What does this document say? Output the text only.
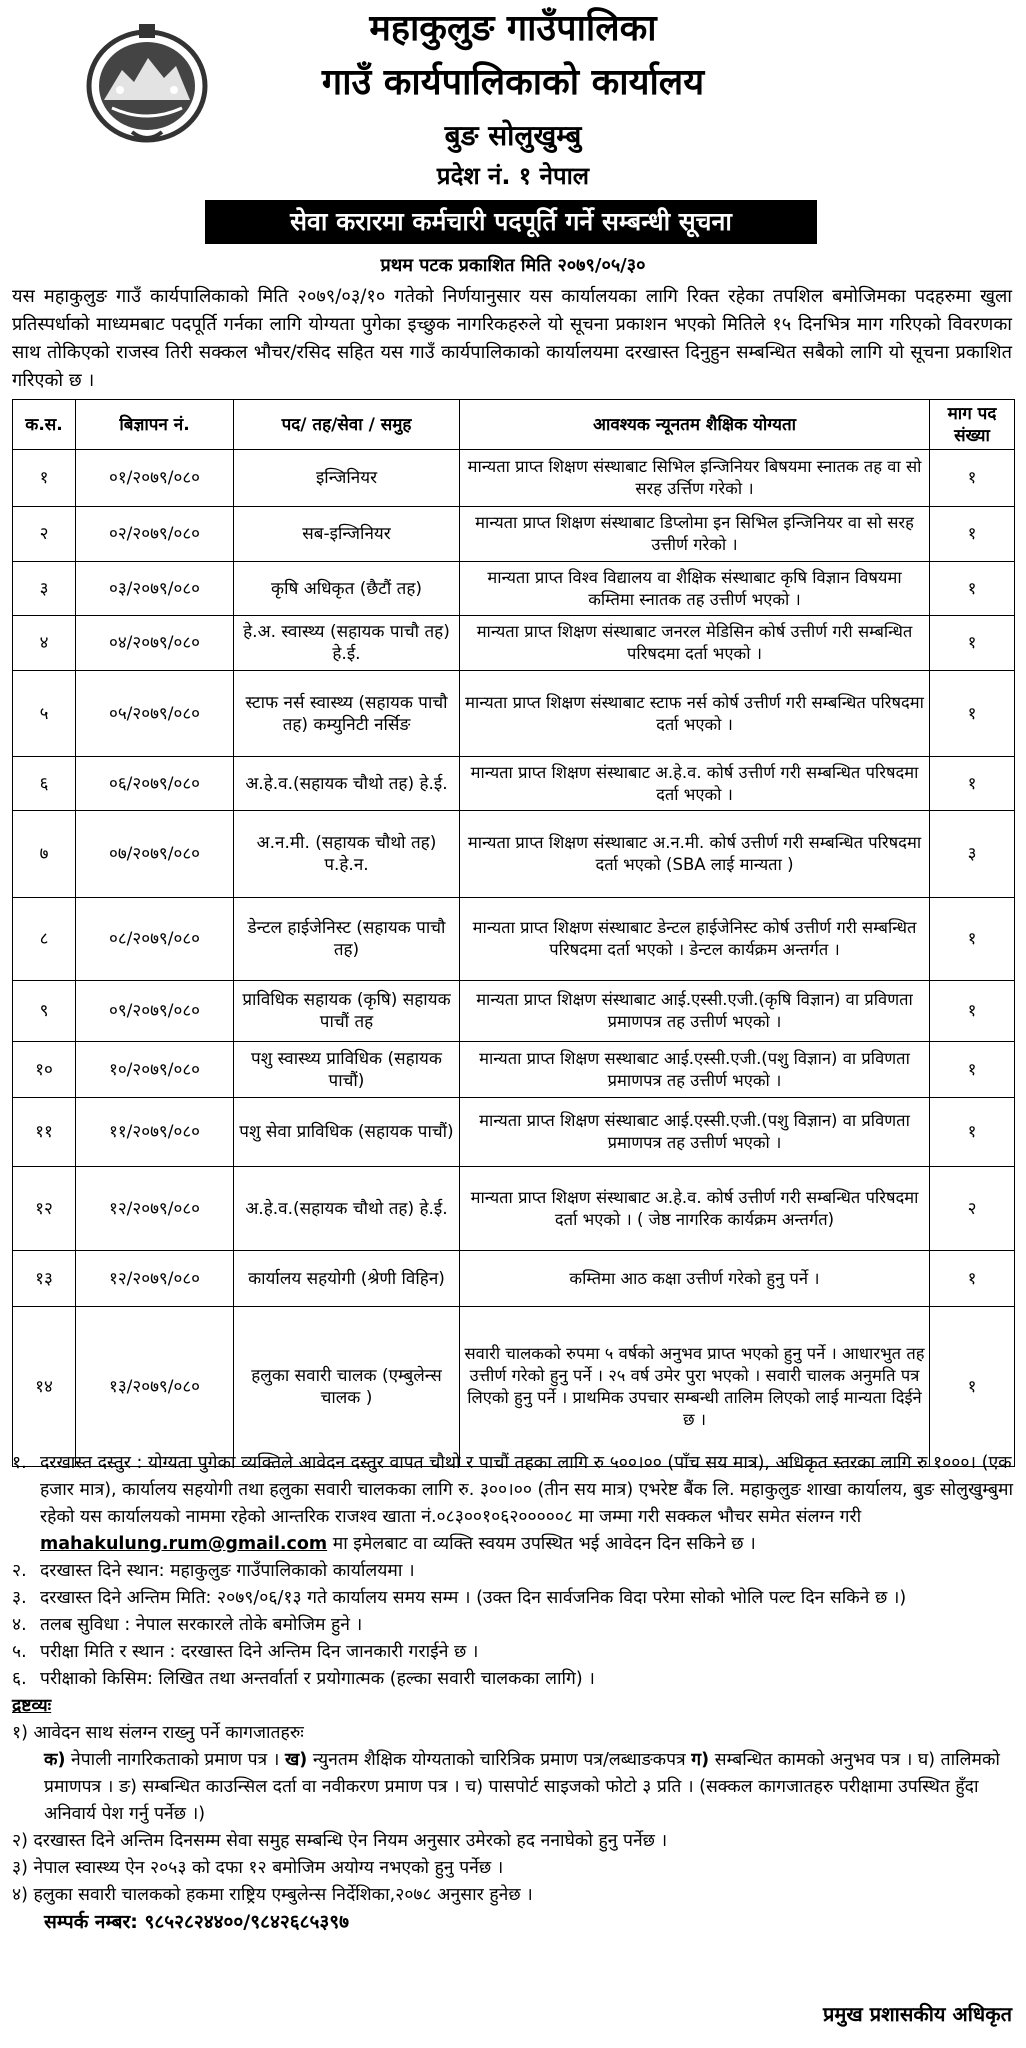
महाकुलुङ गाउँपालिका
गाउँ कार्यपालिकाको कार्यालय
बुङ सोलुखुम्बु
प्रदेश नं. १ नेपाल
सेवा करारमा कर्मचारी पदपूर्ति गर्ने सम्बन्धी सूचना
प्रथम पटक प्रकाशित मिति २०७९/०५/३०
यस महाकुलुङ गाउँ कार्यपालिकाको मिति २०७९/०३/१० गतेको निर्णयानुसार यस कार्यालयका लागि रिक्त रहेका तपशिल बमोजिमका पदहरुमा खुला प्रतिस्पर्धाको माध्यमबाट पदपूर्ति गर्नका लागि योग्यता पुगेका इच्छुक नागरिकहरुले यो सूचना प्रकाशन भएको मितिले १५ दिनभित्र माग गरिएको विवरणका साथ तोकिएको राजस्व तिरी सक्कल भौचर/रसिद सहित यस गाउँ कार्यपालिकाको कार्यालयमा दरखास्त दिनुहुन सम्बन्धित सबैको लागि यो सूचना प्रकाशित गरिएको छ ।
क.स.	बिज्ञापन नं.	पद/ तह/सेवा / समुह	आवश्यक न्यूनतम शैक्षिक योग्यता	माग पद संख्या
१	०१/२०७९/०८०	इन्जिनियर	मान्यता प्राप्त शिक्षण संस्थाबाट सिभिल इन्जिनियर बिषयमा स्नातक तह वा सो सरह उर्त्तिण गरेको ।	१
२	०२/२०७९/०८०	सब-इन्जिनियर	मान्यता प्राप्त शिक्षण संस्थाबाट डिप्लोमा इन सिभिल इन्जिनियर वा सो सरह उत्तीर्ण गरेको ।	१
३	०३/२०७९/०८०	कृषि अधिकृत (छैटौं तह)	मान्यता प्राप्त विश्व विद्यालय वा शैक्षिक संस्थाबाट कृषि विज्ञान विषयमा कम्तिमा स्नातक तह उत्तीर्ण भएको ।	१
४	०४/२०७९/०८०	हे.अ. स्वास्थ्य (सहायक पाचौ तह) हे.ई.	मान्यता प्राप्त शिक्षण संस्थाबाट जनरल मेडिसिन कोर्ष उत्तीर्ण गरी सम्बन्धित परिषदमा दर्ता भएको ।	१
५	०५/२०७९/०८०	स्टाफ नर्स स्वास्थ्य (सहायक पाचौ तह) कम्युनिटी नर्सिङ	मान्यता प्राप्त शिक्षण संस्थाबाट स्टाफ नर्स कोर्ष उत्तीर्ण गरी सम्बन्धित परिषदमा दर्ता भएको ।	१
६	०६/२०७९/०८०	अ.हे.व.(सहायक चौथो तह) हे.ई.	मान्यता प्राप्त शिक्षण संस्थाबाट अ.हे.व. कोर्ष उत्तीर्ण गरी सम्बन्धित परिषदमा दर्ता भएको ।	१
७	०७/२०७९/०८०	अ.न.मी. (सहायक चौथो तह) प.हे.न.	मान्यता प्राप्त शिक्षण संस्थाबाट अ.न.मी. कोर्ष उत्तीर्ण गरी सम्बन्धित परिषदमा दर्ता भएको (SBA लाई मान्यता )	३
८	०८/२०७९/०८०	डेन्टल हाईजेनिस्ट (सहायक पाचौ तह)	मान्यता प्राप्त शिक्षण संस्थाबाट डेन्टल हाईजेनिस्ट कोर्ष उत्तीर्ण गरी सम्बन्धित परिषदमा दर्ता भएको । डेन्टल कार्यक्रम अन्तर्गत ।	१
९	०९/२०७९/०८०	प्राविधिक सहायक (कृषि) सहायक पाचौं तह	मान्यता प्राप्त शिक्षण संस्थाबाट आई.एस्सी.एजी.(कृषि विज्ञान) वा प्रविणता प्रमाणपत्र तह उत्तीर्ण भएको ।	१
१०	१०/२०७९/०८०	पशु स्वास्थ्य प्राविधिक (सहायक पाचौं)	मान्यता प्राप्त शिक्षण सस्थाबाट आई.एस्सी.एजी.(पशु विज्ञान) वा प्रविणता प्रमाणपत्र तह उत्तीर्ण भएको ।	१
११	११/२०७९/०८०	पशु सेवा प्राविधिक (सहायक पाचौं)	मान्यता प्राप्त शिक्षण संस्थाबाट आई.एस्सी.एजी.(पशु विज्ञान) वा प्रविणता प्रमाणपत्र तह उत्तीर्ण भएको ।	१
१२	१२/२०७९/०८०	अ.हे.व.(सहायक चौथो तह) हे.ई.	मान्यता प्राप्त शिक्षण संस्थाबाट अ.हे.व. कोर्ष उत्तीर्ण गरी सम्बन्धित परिषदमा दर्ता भएको । ( जेष्ठ नागरिक कार्यक्रम अन्तर्गत)	२
१३	१२/२०७९/०८०	कार्यालय सहयोगी (श्रेणी विहिन)	कम्तिमा आठ कक्षा उत्तीर्ण गरेको हुनु पर्ने ।	१
१४	१३/२०७९/०८०	हलुका सवारी चालक (एम्बुलेन्स चालक )	सवारी चालकको रुपमा ५ वर्षको अनुभव प्राप्त भएको हुनु पर्ने । आधारभुत तह उत्तीर्ण गरेको हुनु पर्ने । २५ वर्ष उमेर पुरा भएको । सवारी चालक अनुमति पत्र लिएको हुनु पर्ने । प्राथमिक उपचार सम्बन्धी तालिम लिएको लाई मान्यता दिईने छ ।	१
१. दरखास्त दस्तुर : योग्यता पुगेका व्यक्तिले आवेदन दस्तुर वापत चौथो र पाचौं तहका लागि रु ५००।०० (पाँच सय मात्र), अधिकृत स्तरका लागि रु १०००। (एक हजार मात्र), कार्यालय सहयोगी तथा हलुका सवारी चालकका लागि रु. ३००।०० (तीन सय मात्र) एभरेष्ट बैंक लि. महाकुलुङ शाखा कार्यालय, बुङ सोलुखुम्बुमा रहेको यस कार्यालयको नाममा रहेको आन्तरिक राजश्व खाता नं.०८३००१०६२०००००८ मा जम्मा गरी सक्कल भौचर समेत संलग्न गरी mahakulung.rum@gmail.com मा इमेलबाट वा व्यक्ति स्वयम उपस्थित भई आवेदन दिन सकिने छ ।
२. दरखास्त दिने स्थान: महाकुलुङ गाउँपालिकाको कार्यालयमा ।
३. दरखास्त दिने अन्तिम मिति: २०७९/०६/१३ गते कार्यालय समय सम्म । (उक्त दिन सार्वजनिक विदा परेमा सोको भोलि पल्ट दिन सकिने छ ।)
४. तलब सुविधा : नेपाल सरकारले तोके बमोजिम हुने ।
५. परीक्षा मिति र स्थान : दरखास्त दिने अन्तिम दिन जानकारी गराईने छ ।
६. परीक्षाको किसिम: लिखित तथा अन्तर्वार्ता र प्रयोगात्मक (हल्का सवारी चालकका लागि) ।
द्रष्टव्यः
१) आवेदन साथ संलग्न राख्नु पर्ने कागजातहरुः
क) नेपाली नागरिकताको प्रमाण पत्र । ख) न्युनतम शैक्षिक योग्यताको चारित्रिक प्रमाण पत्र/लब्धाङकपत्र ग) सम्बन्धित कामको अनुभव पत्र । घ) तालिमको प्रमाणपत्र । ङ) सम्बन्धित काउन्सिल दर्ता वा नवीकरण प्रमाण पत्र । च) पासपोर्ट साइजको फोटो ३ प्रति । (सक्कल कागजातहरु परीक्षामा उपस्थित हुँदा अनिवार्य पेश गर्नु पर्नेछ ।)
२) दरखास्त दिने अन्तिम दिनसम्म सेवा समुह सम्बन्धि ऐन नियम अनुसार उमेरको हद ननाघेको हुनु पर्नेछ ।
३) नेपाल स्वास्थ्य ऐन २०५३ को दफा १२ बमोजिम अयोग्य नभएको हुनु पर्नेछ ।
४) हलुका सवारी चालकको हकमा राष्ट्रिय एम्बुलेन्स निर्देशिका,२०७८ अनुसार हुनेछ ।
सम्पर्क नम्बर: ९८५२८२४४००/९८४२६८५३९७
प्रमुख प्रशासकीय अधिकृत
